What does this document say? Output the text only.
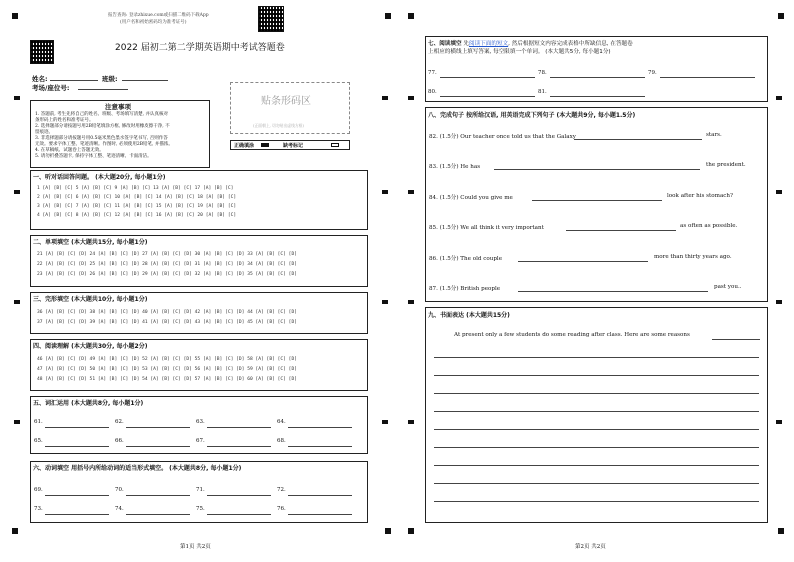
报告查询: 登录zhixue.com或扫描二维码下载App
(用户名和初始密码均为准考证号)
2022 届初二第二学期英语期中考试答题卷
姓名:	班级:
考场/座位号:
注意事项
1. 答题前, 考生先将自己的姓名、班级、考场填写清楚, 并认真核对
条形码上的姓名和准考证号。
2. 选择题部分请按题号用2B铅笔填涂方框, 修改时用橡皮擦干净, 不
留痕迹。
3. 非选择题部分请按题号用0.5毫米黑色墨水签字笔书写, 否则作答
无效。要求字体工整、笔迹清晰。作图时, 必须使用2B铅笔, 并描浓。
4. 在草稿纸、试题卷上答题无效。
5. 请勿折叠答题卡, 保持字体工整、笔迹清晰、卡面清洁。
贴条形码区
(正面朝上, 切勿贴出虚线方框)
正确填涂	缺考标记
一、听对话回答问题。 (本大题20分, 每小题1分)
1 [A] [B] [C] 5 [A] [B] [C] 9 [A] [B] [C] 13 [A] [B] [C] 17 [A] [B] [C]
2 [A] [B] [C] 6 [A] [B] [C] 10 [A] [B] [C] 14 [A] [B] [C] 18 [A] [B] [C]
3 [A] [B] [C] 7 [A] [B] [C] 11 [A] [B] [C] 15 [A] [B] [C] 19 [A] [B] [C]
4 [A] [B] [C] 8 [A] [B] [C] 12 [A] [B] [C] 16 [A] [B] [C] 20 [A] [B] [C]
二、单项填空 (本大题共15分, 每小题1分)
21 [A] [B] [C] [D] 24 [A] [B] [C] [D] 27 [A] [B] [C] [D] 30 [A] [B] [C] [D] 33 [A] [B] [C] [D]
22 [A] [B] [C] [D] 25 [A] [B] [C] [D] 28 [A] [B] [C] [D] 31 [A] [B] [C] [D] 34 [A] [B] [C] [D]
23 [A] [B] [C] [D] 26 [A] [B] [C] [D] 29 [A] [B] [C] [D] 32 [A] [B] [C] [D] 35 [A] [B] [C] [D]
三、完形填空 (本大题共10分, 每小题1分)
36 [A] [B] [C] [D] 38 [A] [B] [C] [D] 40 [A] [B] [C] [D] 42 [A] [B] [C] [D] 44 [A] [B] [C] [D]
37 [A] [B] [C] [D] 39 [A] [B] [C] [D] 41 [A] [B] [C] [D] 43 [A] [B] [C] [D] 45 [A] [B] [C] [D]
四、阅读理解 (本大题共30分, 每小题2分)
46 [A] [B] [C] [D] 49 [A] [B] [C] [D] 52 [A] [B] [C] [D] 55 [A] [B] [C] [D] 58 [A] [B] [C] [D]
47 [A] [B] [C] [D] 50 [A] [B] [C] [D] 53 [A] [B] [C] [D] 56 [A] [B] [C] [D] 59 [A] [B] [C] [D]
48 [A] [B] [C] [D] 51 [A] [B] [C] [D] 54 [A] [B] [C] [D] 57 [A] [B] [C] [D] 60 [A] [B] [C] [D]
五、词汇运用 (本大题共8分, 每小题1分)
61.	62.	63.	64.
65.	66.	67.	68.
六、动词填空 用括号内所给动词的适当形式填空。 (本大题共8分, 每小题1分)
69.	70.	71.	72.
73.	74.	75.	76.
第1页 共2页
七、阅读填空 先阅读下面的短文, 然后根据短文内容完成表格中所缺信息, 在答题卷
上相应的横线上填写答案, 每空限填一个单词。 (本大题共5分, 每小题1分)
77.	78.	79.
80.	81.
八、完成句子 按所给汉语, 用英语完成下列句子 (本大题共9分, 每小题1.5分)
82. (1.5分) Our teacher once told us that the Galaxy	stars.
83. (1.5分) He has	the president.
84. (1.5分) Could you give me	look after his stomach?
85. (1.5分) We all think it very important	as often as possible.
86. (1.5分) The old couple	more than thirty years ago.
87. (1.5分) British people	past you..
九、书面表达 (本大题共15分)
At present only a few students do some reading after class. Here are some reasons
第2页 共2页
